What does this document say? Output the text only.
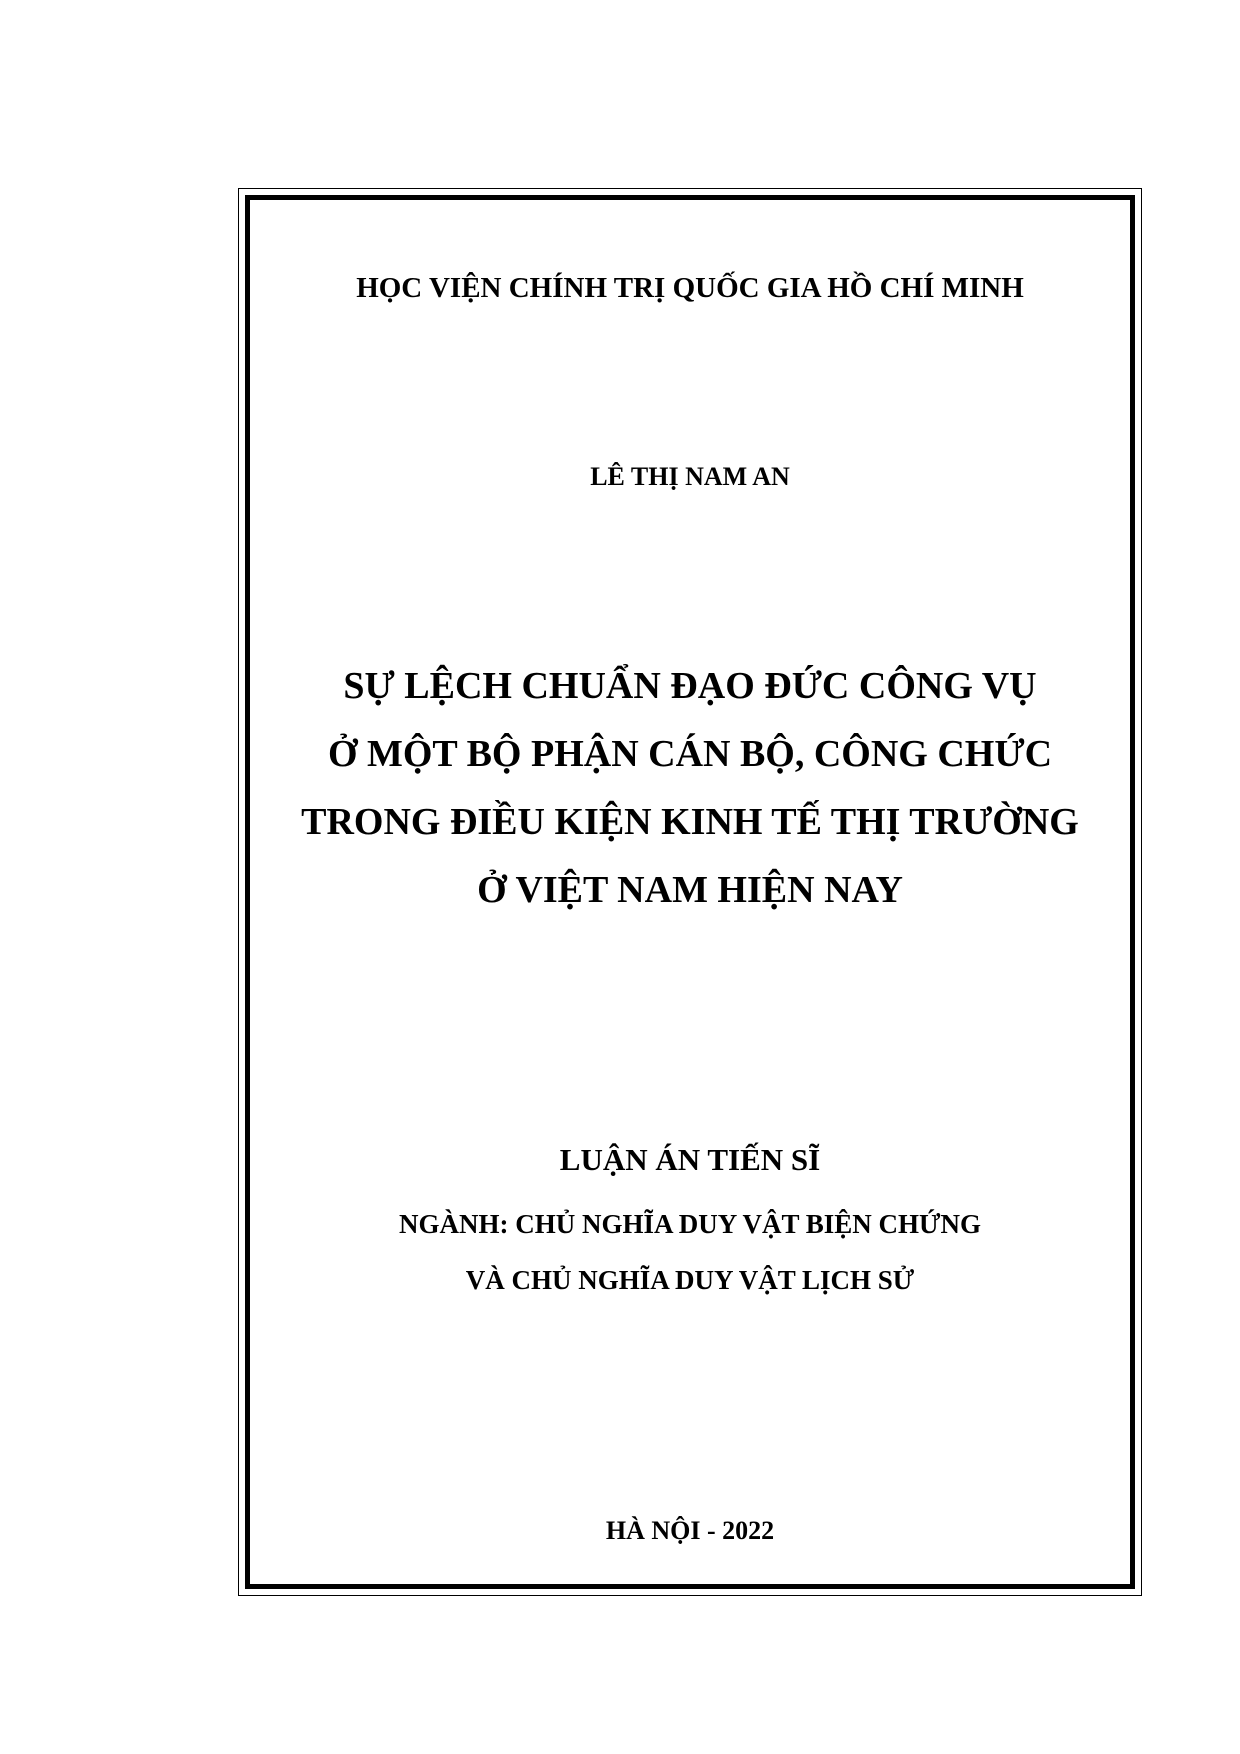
HỌC VIỆN CHÍNH TRỊ QUỐC GIA HỒ CHÍ MINH
LÊ THỊ NAM AN
SỰ LỆCH CHUẨN ĐẠO ĐỨC CÔNG VỤ
Ở MỘT BỘ PHẬN CÁN BỘ, CÔNG CHỨC
TRONG ĐIỀU KIỆN KINH TẾ THỊ TRƯỜNG
Ở VIỆT NAM HIỆN NAY
LUẬN ÁN TIẾN SĨ
NGÀNH: CHỦ NGHĨA DUY VẬT BIỆN CHỨNG
VÀ CHỦ NGHĨA DUY VẬT LỊCH SỬ
HÀ NỘI - 2022
